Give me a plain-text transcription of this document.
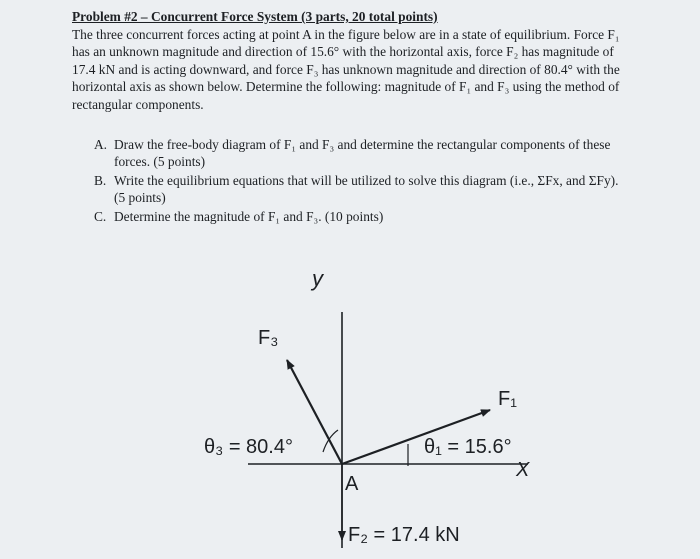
Problem #2 – Concurrent Force System (3 parts, 20 total points)
The three concurrent forces acting at point A in the figure below are in a state of equilibrium. Force F₁ has an unknown magnitude and direction of 15.6° with the horizontal axis, force F₂ has magnitude of 17.4 kN and is acting downward, and force F₃ has unknown magnitude and direction of 80.4° with the horizontal axis as shown below. Determine the following: magnitude of F₁ and F₃ using the method of rectangular components.
A. Draw the free-body diagram of F₁ and F₃ and determine the rectangular components of these forces. (5 points)
B. Write the equilibrium equations that will be utilized to solve this diagram (i.e., ΣFx, and ΣFy). (5 points)
C. Determine the magnitude of F₁ and F₃. (10 points)
y
X
F₃
F₁
F₂ = 17.4 kN
θ₃ = 80.4°	θ₁ = 15.6°
A
